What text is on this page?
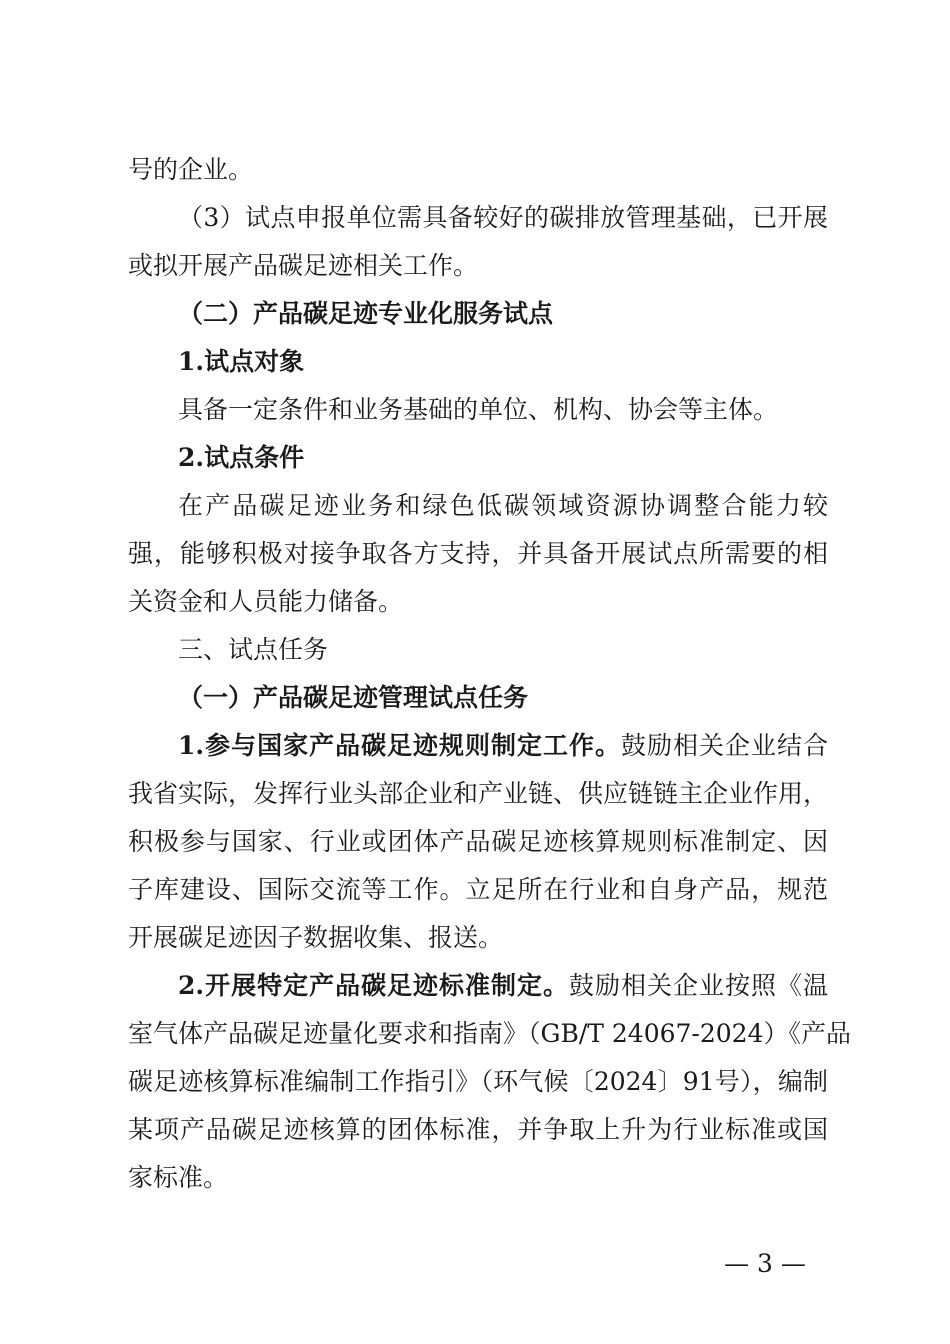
号的企业。
（3）试点申报单位需具备较好的碳排放管理基础，已开展
或拟开展产品碳足迹相关工作。
（二）产品碳足迹专业化服务试点
1.试点对象
具备一定条件和业务基础的单位、机构、协会等主体。
2.试点条件
在产品碳足迹业务和绿色低碳领域资源协调整合能力较
强，能够积极对接争取各方支持，并具备开展试点所需要的相
关资金和人员能力储备。
三、试点任务
（一）产品碳足迹管理试点任务
1.参与国家产品碳足迹规则制定工作。鼓励相关企业结合
我省实际，发挥行业头部企业和产业链、供应链链主企业作用，
积极参与国家、行业或团体产品碳足迹核算规则标准制定、因
子库建设、国际交流等工作。立足所在行业和自身产品，规范
开展碳足迹因子数据收集、报送。
2.开展特定产品碳足迹标准制定。鼓励相关企业按照《温
室气体产品碳足迹量化要求和指南》（GB/T 24067-2024）《产品
碳足迹核算标准编制工作指引》（环气候〔2024〕91号），编制
某项产品碳足迹核算的团体标准，并争取上升为行业标准或国
家标准。
— 3 —
